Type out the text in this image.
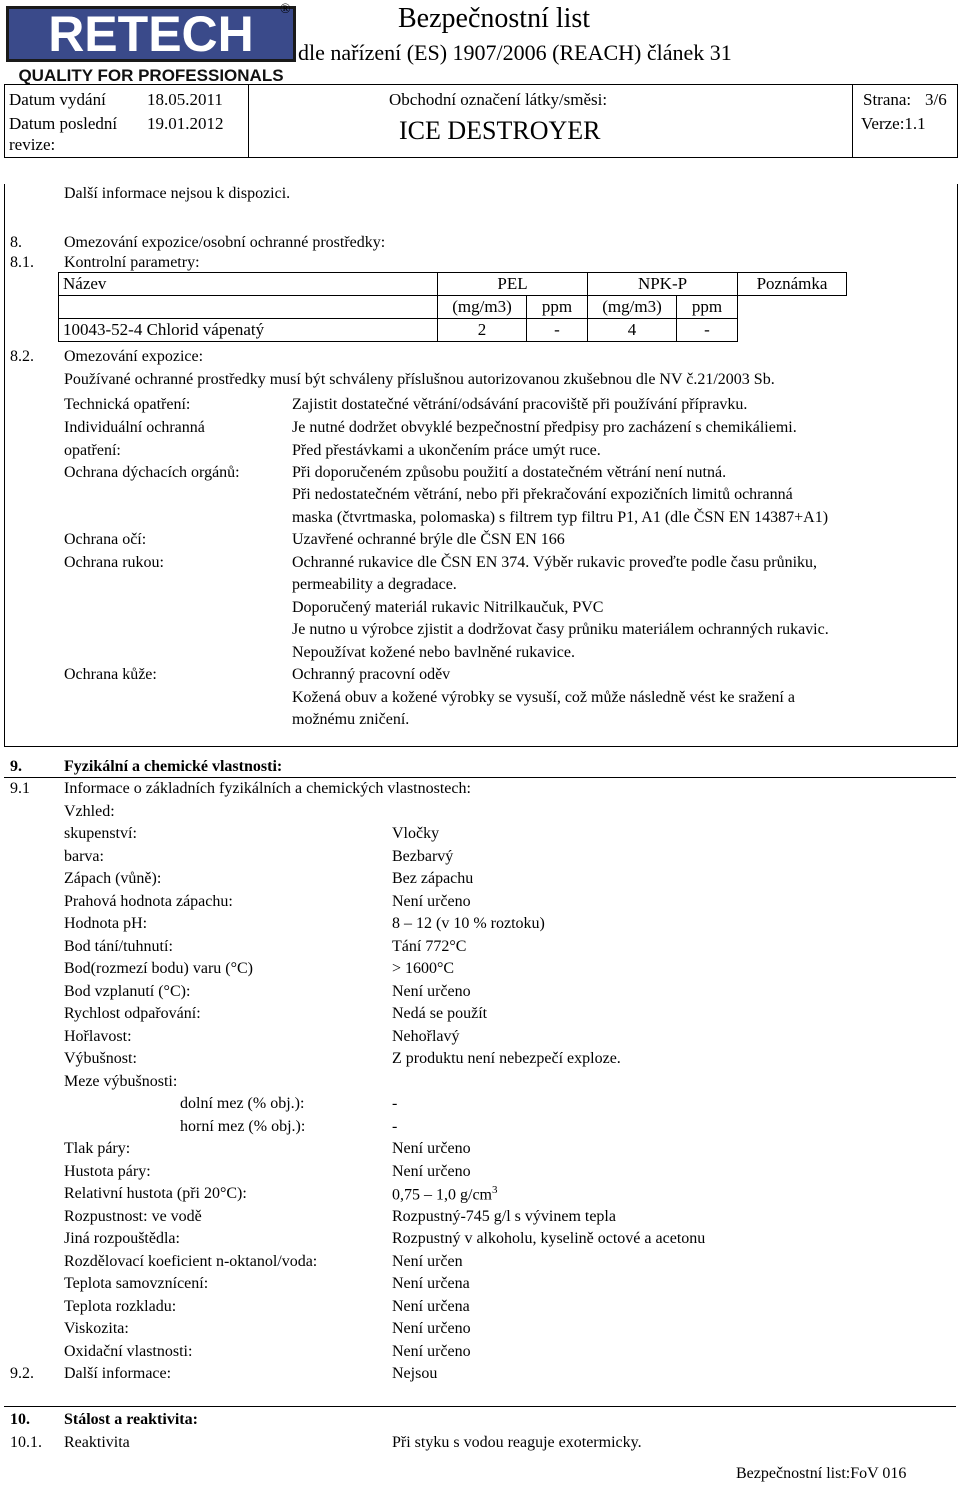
RETECH
QUALITY FOR PROFESSIONALS
®	Bezpečnostní list
dle nařízení (ES) 1907/2006 (REACH) článek 31
Datum vydání 18.05.2011
Datum poslední 19.01.2012
revize:
Obchodní označení látky/směsi:
ICE DESTROYER
Strana: 3/6
Verze:1.1
Další informace nejsou k dispozici.
8.	Omezování expozice/osobní ochranné prostředky:
8.1. Kontrolní parametry:
Název	PEL		NPK-P		Poznámka
	(mg/m3)	ppm	(mg/m3)	ppm	
10043-52-4 Chlorid vápenatý	2	-	4	-	
8.2. Omezování expozice:
Používané ochranné prostředky musí být schváleny příslušnou autorizovanou zkušebnou dle NV č.21/2003 Sb.
Technická opatření:	Zajistit dostatečné větrání/odsávání pracoviště při používání přípravku.
Individuální ochranná
opatření:
Je nutné dodržet obvyklé bezpečnostní předpisy pro zacházení s chemikáliemi.
Před přestávkami a ukončením práce umýt ruce.
Ochrana dýchacích orgánů:	Při doporučeném způsobu použití a dostatečném větrání není nutná.
Při nedostatečném větrání, nebo při překračování expozičních limitů ochranná
maska (čtvrtmaska, polomaska) s filtrem typ filtru P1, A1 (dle ČSN EN 14387+A1)
Ochrana očí:	Uzavřené ochranné brýle dle ČSN EN 166
Ochrana rukou:	Ochranné rukavice dle ČSN EN 374. Výběr rukavic proveďte podle času průniku,
permeability a degradace.
Doporučený materiál rukavic Nitrilkaučuk, PVC
Je nutno u výrobce zjistit a dodržovat časy průniku materiálem ochranných rukavic.
Nepoužívat kožené nebo bavlněné rukavice.
Ochrana kůže:	Ochranný pracovní oděv
Kožená obuv a kožené výrobky se vysuší, což může následně vést ke sražení a
možnému zničení.
9.	Fyzikální a chemické vlastnosti:
9.1 Informace o základních fyzikálních a chemických vlastnostech:
Vzhled:
skupenství:	Vločky
barva:	Bezbarvý
Zápach (vůně):	Bez zápachu
Prahová hodnota zápachu:	Není určeno
Hodnota pH:	8 – 12 (v 10 % roztoku)
Bod tání/tuhnutí:	Tání 772°C
Bod(rozmezí bodu) varu (°C)	> 1600°C
Bod vzplanutí (°C):	Není určeno
Rychlost odpařování:	Nedá se použít
Hořlavost:	Nehořlavý
Výbušnost:	Z produktu není nebezpečí exploze.
Meze výbušnosti:
dolní mez (% obj.):	-
horní mez (% obj.):	-
Tlak páry:	Není určeno
Hustota páry:	Není určeno
Relativní hustota (při 20°C):	0,75 – 1,0 $g/cm^3$
Rozpustnost: ve vodě	Rozpustný-745 g/l s vývinem tepla
Jiná rozpouštědla:	Rozpustný v alkoholu, kyselině octové a acetonu
Rozdělovací koeficient n-oktanol/voda:	Není určen
Teplota samovznícení:	Není určena
Teplota rozkladu:	Není určena
Viskozita:	Není určeno
Oxidační vlastnosti:	Není určeno
9.2. Další informace:	Nejsou
10. Stálost a reaktivita:
10.1. Reaktivita	Při styku s vodou reaguje exotermicky.
Bezpečnostní list:FoV 016
